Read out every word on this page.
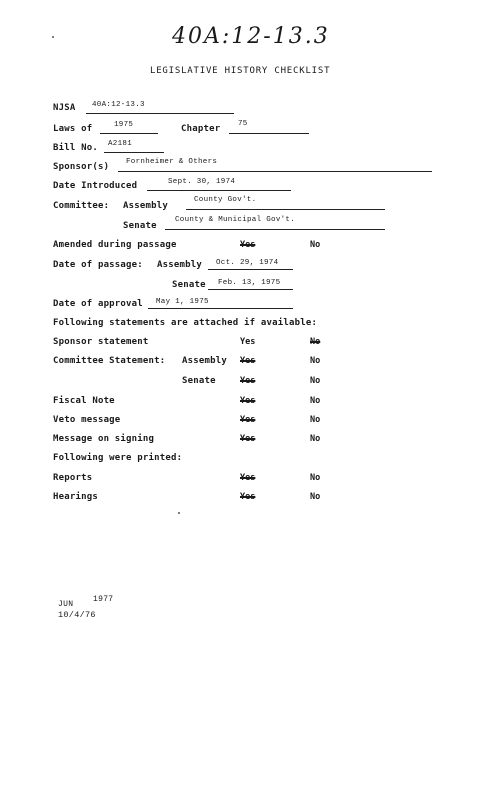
40A:12-13.3
LEGISLATIVE HISTORY CHECKLIST
NJSA 40A:12-13.3
Laws of	1975	Chapter 75
Bill No. A2181
Sponsor(s) Fornheimer & Others
Date Introduced	Sept. 30, 1974
Committee: Assembly
County Gov't.
Senate
County & Municipal Gov't.
Amended during passage	Yes	No
Date of passage: Assembly Oct. 29, 1974
Senate Feb. 13, 1975
Date of approval May 1, 1975
Following statements are attached if available:
Sponsor statement	Yes	No
Committee Statement: Assembly Yes	No
Senate	Yes	No
Fiscal Note	Yes	No
Veto message	Yes	No
Message on signing	Yes	No
Following were printed:
Reports	Yes	No
Hearings	Yes	No
JUN
1977
10/4/76
